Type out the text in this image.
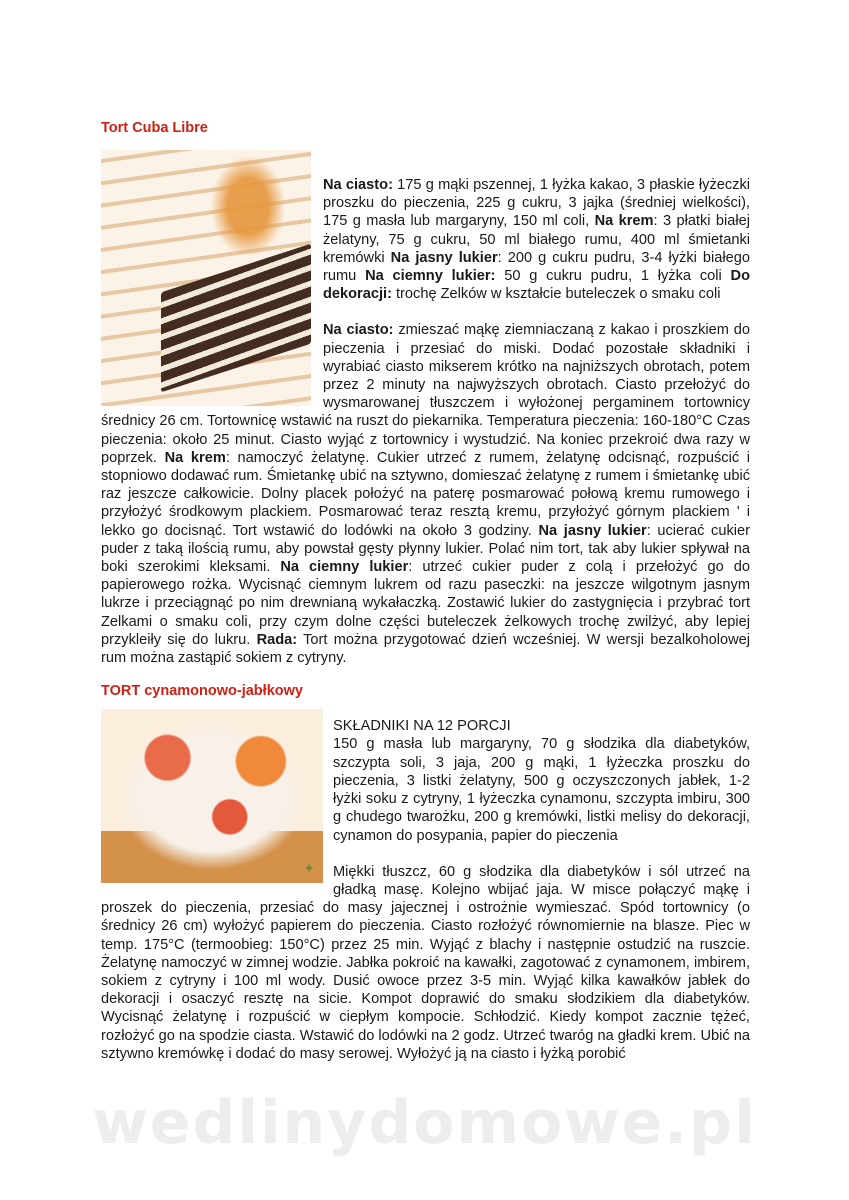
Tort Cuba Libre

Na ciasto: 175 g mąki pszennej, 1 łyżka kakao, 3 płaskie łyżeczki proszku do pieczenia, 225 g cukru, 3 jajka (średniej wielkości), 175 g masła lub margaryny, 150 ml coli, Na krem: 3 płatki białej żelatyny, 75 g cukru, 50 ml białego rumu, 400 ml śmietanki kremówki Na jasny lukier: 200 g cukru pudru, 3-4 łyżki białego rumu Na ciemny lukier: 50 g cukru pudru, 1 łyżka coli Do dekoracji: trochę Zelków w kształcie buteleczek o smaku coli

Na ciasto: zmieszać mąkę ziemniaczaną z kakao i proszkiem do pieczenia i przesiać do miski. Dodać pozostałe składniki i wyrabiać ciasto mikserem krótko na najniższych obrotach, potem przez 2 minuty na najwyższych obrotach. Ciasto przełożyć do wysmarowanej tłuszczem i wyłożonej pergaminem tortownicy średnicy 26 cm. Tortownicę wstawić na ruszt do piekarnika. Temperatura pieczenia: 160-180°C Czas pieczenia: około 25 minut. Ciasto wyjąć z tortownicy i wystudzić. Na koniec przekroić dwa razy w poprzek. Na krem: namoczyć żelatynę. Cukier utrzeć z rumem, żelatynę odcisnąć, rozpuścić i stopniowo dodawać rum. Śmietankę ubić na sztywno, domieszać żelatynę z rumem i śmietankę ubić raz jeszcze całkowicie. Dolny placek położyć na paterę posmarować połową kremu rumowego i przyłożyć środkowym plackiem. Posmarować teraz resztą kremu, przyłożyć górnym plackiem ' i lekko go docisnąć. Tort wstawić do lodówki na około 3 godziny. Na jasny lukier: ucierać cukier puder z taką ilością rumu, aby powstał gęsty płynny lukier. Polać nim tort, tak aby lukier spływał na boki szerokimi kleksami. Na ciemny lukier: utrzeć cukier puder z colą i przełożyć go do papierowego rożka. Wycisnąć ciemnym lukrem od razu paseczki: na jeszcze wilgotnym jasnym lukrze i przeciągnąć po nim drewnianą wykałaczką. Zostawić lukier do zastygnięcia i przybrać tort Zelkami o smaku coli, przy czym dolne części buteleczek żelkowych trochę zwilżyć, aby lepiej przykleiły się do lukru. Rada: Tort można przygotować dzień wcześniej. W wersji bezalkoholowej rum można zastąpić sokiem z cytryny.

TORT cynamonowo-jabłkowy
✦
SKŁADNIKI NA 12 PORCJI

150 g masła lub margaryny, 70 g słodzika dla diabetyków, szczypta soli, 3 jaja, 200 g mąki, 1 łyżeczka proszku do pieczenia, 3 listki żelatyny, 500 g oczyszczonych jabłek, 1-2 łyżki soku z cytryny, 1 łyżeczka cynamonu, szczypta imbiru, 300 g chudego twarożku, 200 g kremówki, listki melisy do dekoracji, cynamon do posypania, papier do pieczenia

Miękki tłuszcz, 60 g słodzika dla diabetyków i sól utrzeć na gładką masę. Kolejno wbijać jaja. W misce połączyć mąkę i proszek do pieczenia, przesiać do masy jajecznej i ostrożnie wymieszać. Spód tortownicy (o średnicy 26 cm) wyłożyć papierem do pieczenia. Ciasto rozłożyć równomiernie na blasze. Piec w temp. 175°C (termoobieg: 150°C) przez 25 min. Wyjąć z blachy i następnie ostudzić na ruszcie. Żelatynę namoczyć w zimnej wodzie. Jabłka pokroić na kawałki, zagotować z cynamonem, imbirem, sokiem z cytryny i 100 ml wody. Dusić owoce przez 3-5 min. Wyjąć kilka kawałków jabłek do dekoracji i osaczyć resztę na sicie. Kompot doprawić do smaku słodzikiem dla diabetyków. Wycisnąć żelatynę i rozpuścić w ciepłym kompocie. Schłodzić. Kiedy kompot zacznie tężeć, rozłożyć go na spodzie ciasta. Wstawić do lodówki na 2 godz. Utrzeć twaróg na gładki krem. Ubić na sztywno kremówkę i dodać do masy serowej. Wyłożyć ją na ciasto i łyżką porobić

wedlinydomowe.pl
